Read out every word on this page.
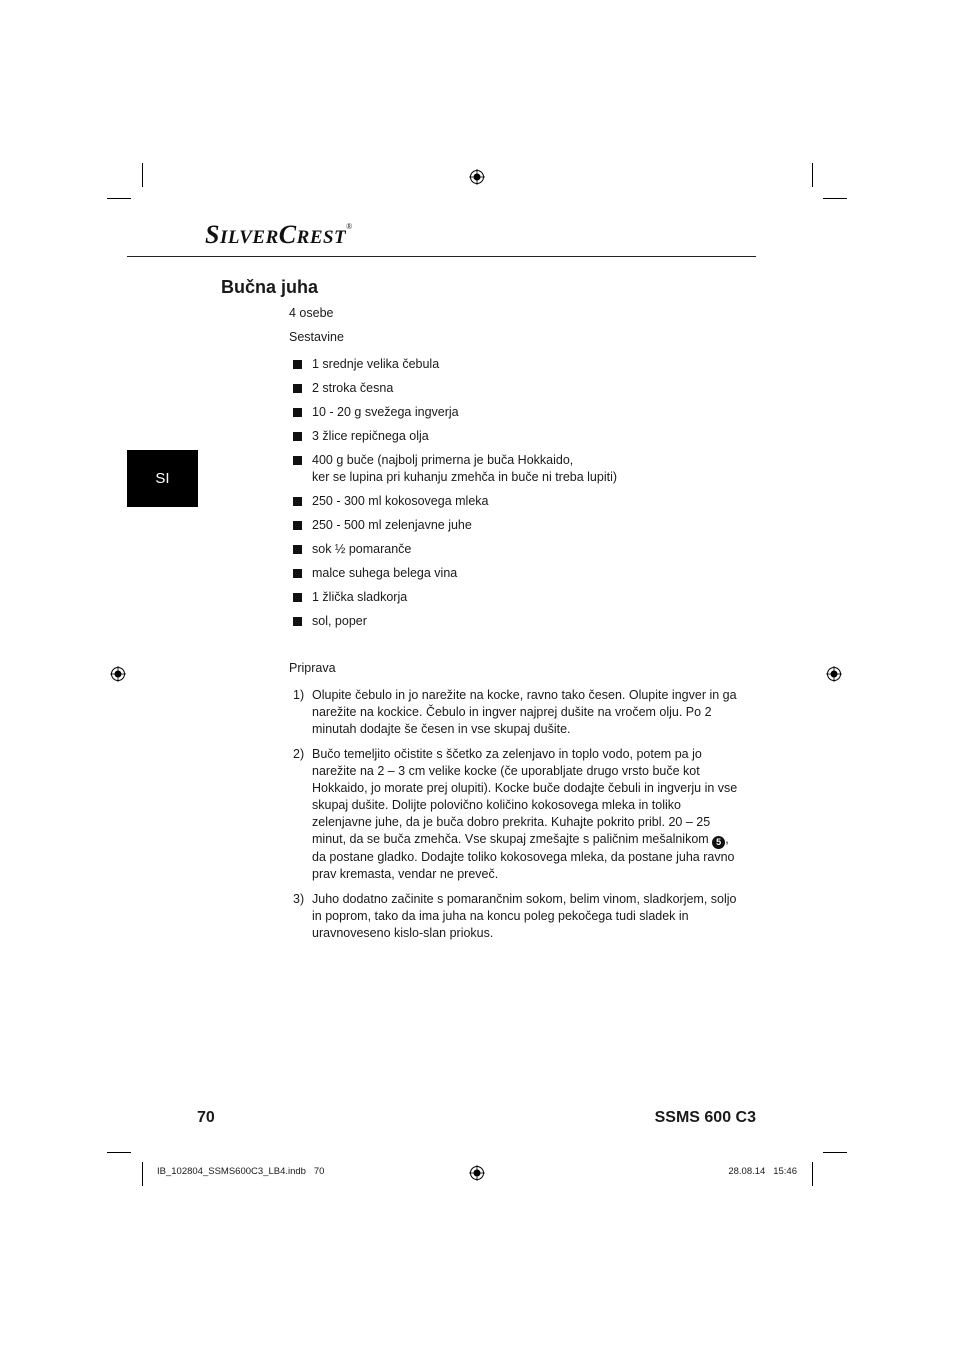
SILVERCREST®
Bučna juha
SI
4 osebe
Sestavine
1 srednje velika čebula
2 stroka česna
10 - 20 g svežega ingverja
3 žlice repičnega olja
400 g buče (najbolj primerna je buča Hokkaido,
ker se lupina pri kuhanju zmehča in buče ni treba lupiti)
250 - 300 ml kokosovega mleka
250 - 500 ml zelenjavne juhe
sok ½ pomaranče
malce suhega belega vina
1 žlička sladkorja
sol, poper
Priprava
1) Olupite čebulo in jo narežite na kocke, ravno tako česen. Olupite ingver in ga narežite na kockice. Čebulo in ingver najprej dušite na vročem olju. Po 2 minutah dodajte še česen in vse skupaj dušite.
2) Bučo temeljito očistite s ščetko za zelenjavo in toplo vodo, potem pa jo narežite na 2 – 3 cm velike kocke (če uporabljate drugo vrsto buče kot Hokkaido, jo morate prej olupiti). Kocke buče dodajte čebuli in ingverju in vse skupaj dušite. Dolijte polovično količino kokosovega mleka in toliko zelenjavne juhe, da je buča dobro prekrita. Kuhajte pokrito pribl. 20 – 25 minut, da se buča zmehča. Vse skupaj zmešajte s paličnim mešalnikom 5 , da postane gladko. Dodajte toliko kokosovega mleka, da postane juha ravno prav kremasta, vendar ne preveč.
3) Juho dodatno začinite s pomarančnim sokom, belim vinom, sladkorjem, soljo in poprom, tako da ima juha na koncu poleg pekočega tudi sladek in uravnoveseno kislo-slan priokus.
70	SSMS 600 C3
IB_102804_SSMS600C3_LB4.indb   70	28.08.14   15:46
